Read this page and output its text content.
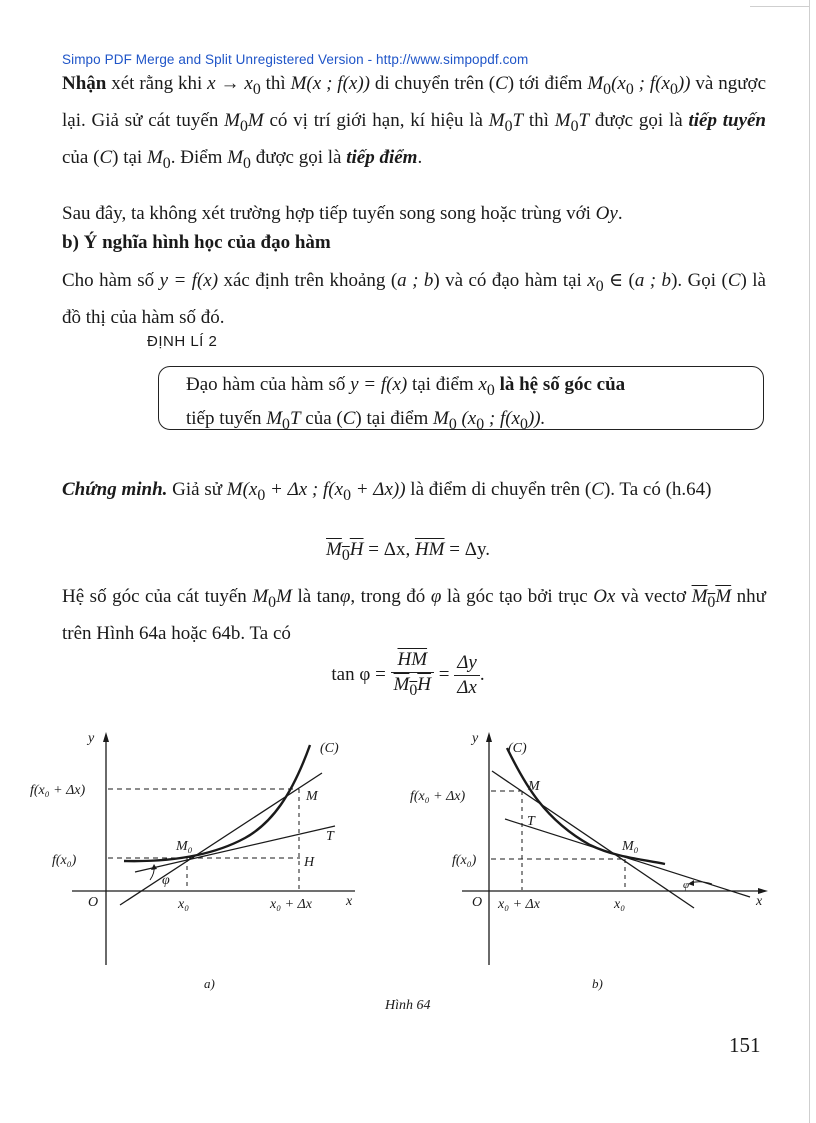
Simpo PDF Merge and Split Unregistered Version - http://www.simpopdf.com
Nhận xét rằng khi $x \to x_0$ thì M(x ; f(x)) di chuyển trên (C) tới điểm $M_0(x_0$ ; $f(x_0)$) và ngược lại. Giả sử cát tuyến $M_0M$ có vị trí giới hạn, kí hiệu là $M_0T$ thì $M_0T$ được gọi là tiếp tuyến của (C) tại $M_0$. Điểm $M_0$ được gọi là tiếp điểm.
Sau đây, ta không xét trường hợp tiếp tuyến song song hoặc trùng với Oy.
b) Ý nghĩa hình học của đạo hàm
Cho hàm số y = f(x) xác định trên khoảng (a ; b) và có đạo hàm tại $x_0$ ∈ (a ; b). Gọi (C) là đồ thị của hàm số đó.
ĐỊNH LÍ 2
Đạo hàm của hàm số y = f(x) tại điểm $x_0$ là hệ số góc của
tiếp tuyến $M_0T$ của (C) tại điểm $M_0$ ($x_0$ ; $f(x_0)$).
Chứng minh. Giả sử $M(x_0 + \Delta x$ ; $f(x_0 + \Delta x)$) là điểm di chuyển trên (C). Ta có (h.64)
$M_0H = \Delta x$, $\overline{HM} = \Delta y$.
Hệ số góc của cát tuyến $M_0M$ là tanφ, trong đó φ là góc tạo bởi trục Ox và vectơ $M_0M$ như trên Hình 64a hoặc 64b. Ta có
$\tan \varphi = \frac{\overline{HM}}{M_0H} = \frac{\Delta y}{\Delta x}$ .
y
(C)
f(x₀ + Δx)	M
M₀
T
f(x₀)	H
φ
O	x₀	x₀ + Δx x
a)
y
(C)
f(x₀ + Δx)
M
T
M₀
f(x₀)
φ
O x₀ + Δx	x₀	x
b)
Hình 64
151
